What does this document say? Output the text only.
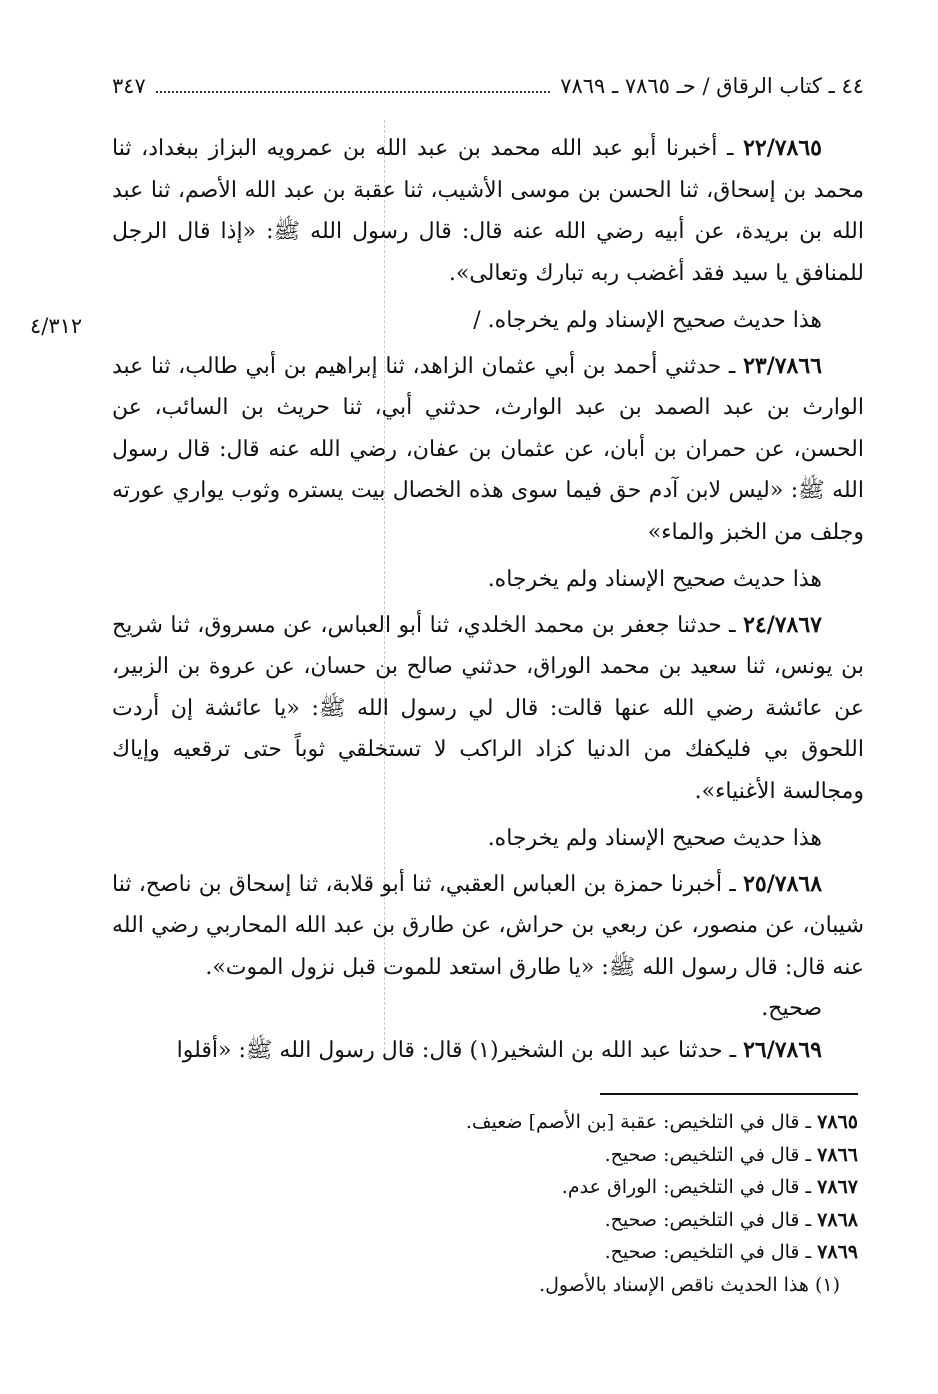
٤٤ ـ كتاب الرقاق / حـ ٧٨٦٥ ـ ٧٨٦٩
٣٤٧
٤/٣١٢

٢٢/٧٨٦٥ ـ أخبرنا أبو عبد الله محمد بن عبد الله بن عمرويه البزاز ببغداد، ثنا محمد بن إسحاق، ثنا الحسن بن موسى الأشيب، ثنا عقبة بن عبد الله الأصم، ثنا عبد الله بن بريدة، عن أبيه رضي الله عنه قال: قال رسول الله ﷺ: «إذا قال الرجل للمنافق يا سيد فقد أغضب ربه تبارك وتعالى».

هذا حديث صحيح الإسناد ولم يخرجاه. /

٢٣/٧٨٦٦ ـ حدثني أحمد بن أبي عثمان الزاهد، ثنا إبراهيم بن أبي طالب، ثنا عبد الوارث بن عبد الصمد بن عبد الوارث، حدثني أبي، ثنا حريث بن السائب، عن الحسن، عن حمران بن أبان، عن عثمان بن عفان، رضي الله عنه قال: قال رسول الله ﷺ: «ليس لابن آدم حق فيما سوى هذه الخصال بيت يستره وثوب يواري عورته وجلف من الخبز والماء»

هذا حديث صحيح الإسناد ولم يخرجاه.

٢٤/٧٨٦٧ ـ حدثنا جعفر بن محمد الخلدي، ثنا أبو العباس، عن مسروق، ثنا شريح بن يونس، ثنا سعيد بن محمد الوراق، حدثني صالح بن حسان، عن عروة بن الزبير، عن عائشة رضي الله عنها قالت: قال لي رسول الله ﷺ: «يا عائشة إن أردت اللحوق بي فليكفك من الدنيا كزاد الراكب لا تستخلقي ثوباً حتى ترقعيه وإياك ومجالسة الأغنياء».

هذا حديث صحيح الإسناد ولم يخرجاه.

٢٥/٧٨٦٨ ـ أخبرنا حمزة بن العباس العقبي، ثنا أبو قلابة، ثنا إسحاق بن ناصح، ثنا شيبان، عن منصور، عن ربعي بن حراش، عن طارق بن عبد الله المحاربي رضي الله عنه قال: قال رسول الله ﷺ: «يا طارق استعد للموت قبل نزول الموت».

صحيح.

٢٦/٧٨٦٩ ـ حدثنا عبد الله بن الشخير(١) قال: قال رسول الله ﷺ: «أقلوا

٧٨٦٥ ـ قال في التلخيص: عقبة [بن الأصم] ضعيف.
٧٨٦٦ ـ قال في التلخيص: صحيح.
٧٨٦٧ ـ قال في التلخيص: الوراق عدم.
٧٨٦٨ ـ قال في التلخيص: صحيح.
٧٨٦٩ ـ قال في التلخيص: صحيح.
(١) هذا الحديث ناقص الإسناد بالأصول.
